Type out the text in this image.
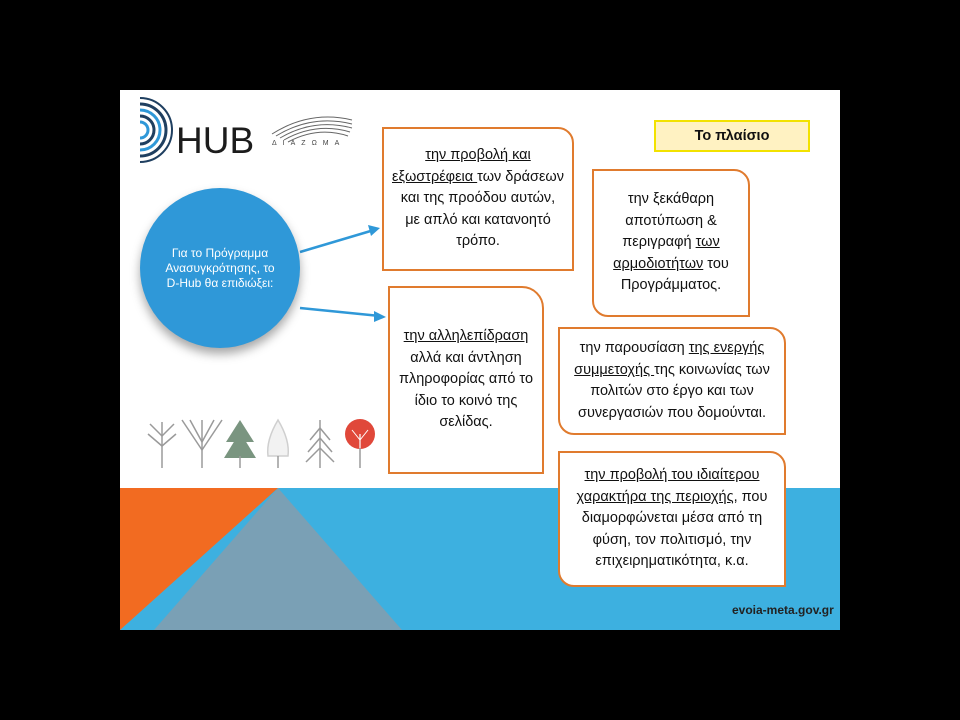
HUB	ΔΙΑΖΩΜΑ	Το πλαίσιο

Για το Πρόγραμμα Ανασυγκρότησης, το D-Hub θα επιδιώξει:

την προβολή και εξωστρέφεια των δράσεων και της προόδου αυτών, με απλό και κατανοητό τρόπο.

την ξεκάθαρη αποτύπωση & περιγραφή των αρμοδιοτήτων του Προγράμματος.

την αλληλεπίδραση αλλά και άντληση πληροφορίας από το ίδιο το κοινό της σελίδας.

την παρουσίαση της ενεργής συμμετοχής της κοινωνίας των πολιτών στο έργο και των συνεργασιών που δομούνται.

την προβολή του ιδιαίτερου χαρακτήρα της περιοχής, που διαμορφώνεται μέσα από τη φύση, τον πολιτισμό, την επιχειρηματικότητα, κ.α.

evoia-meta.gov.gr
